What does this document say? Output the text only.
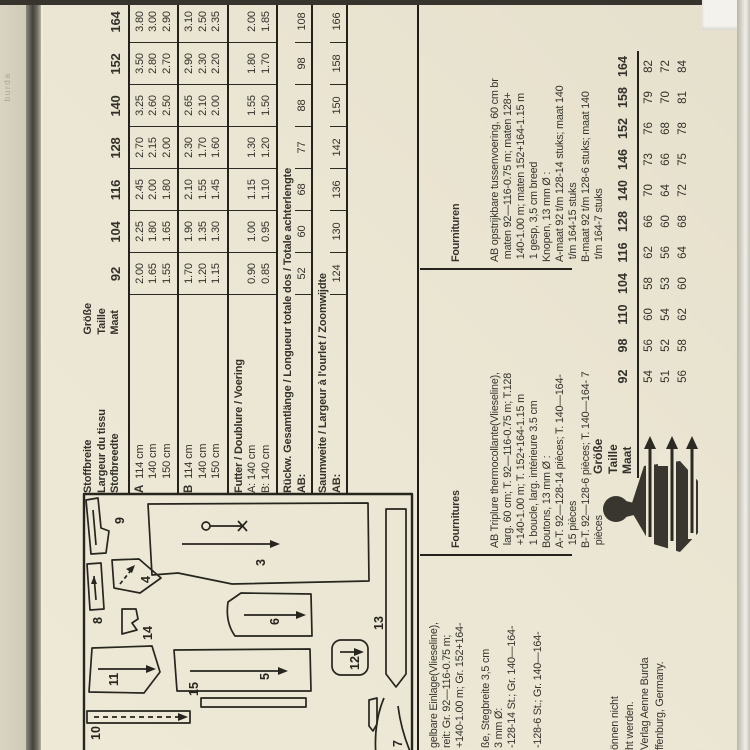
10
11
8
4
14
9
3
6
5
15
12
13
7
Stoffbreite Largeur du tissu Stofbreedte
Größe Taille Maat
92
104
116
128
140
152
164
A
114 cm 140 cm 150 cm
2.00 1.65 1.55
2.25 1.80 1.65
2.45 2.00 1.80
2.70 2.15 2.00
3.25 2.60 2.50
3.50 2.80 2.70
3.80 3.00 2.90
B
114 cm 140 cm 150 cm
1.70 1.20 1.15
1.90 1.35 1.30
2.10 1.55 1.45
2.30 1.70 1.60
2.65 2.10 2.00
2.90 2.30 2.20
3.10 2.50 2.35
Futter / Doublure / Voering A: 140 cm B: 140 cm

0.90 0.85

1.00 0.95

1.15 1.10

1.30 1.20

1.55 1.50

1.80 1.70

2.00 1.85
Rückw. Gesamtlänge / Longueur totale dos / Totale achterlengte AB:
52
60
68
77
88
98
108
Saumweite / Largeur à l'ourlet / Zoomwijdte AB:
124
130
136
142
150
158
166
gelbare Einlage(Vlieseline), reit: Gr. 92—116-0.75 m; +140-1.00 m; Gr. 152+164-
ße, Stegbreite 3,5 cm 3 mm Ø: -128-14 St.; Gr. 140—164-
-128-6 St.; Gr. 140—164-

Fournitures

	AB Triplure thermocollante(Vlieseline), larg. 60 cm; T. 92—116-0.75 m; T.128 +140-1.00 m; T. 152+164-1.15 m 1 boucle, larg. intérieure 3.5 cm Boutons, 13 mm Ø : A-T. 92—128-14 pièces; T. 140—164- 15 pièces B-T. 92—128-6 pièces; T. 140—164- 7 pièces

Fournituren

	AB opstrijkbare tussenvoering, 60 cm br maten 92—116-0.75 m; maten 128+ 140-1.00 m; maten 152+164-1.15 m 1 gesp, 3,5 cm breed Knopen, 13 mm Ø : A-maat 92 t/m 128-14 stuks; maat 140 t/m 164-15 stuks B-maat 92 t/m 128-6 stuks; maat 140 t/m 164-7 stuks

Größe Taille Maat
92
98
110
104
116
128
140
146
152
158
164
54
56
60
58
62
66
70
73
76
79
82
51
52
54
53
56
60
64
66
68
70
72
56
58
62
60
64
68
72
75
78
81
84
önnen nicht ht werden. Verlag Aenne Burda ffenburg, Germany.
burda
